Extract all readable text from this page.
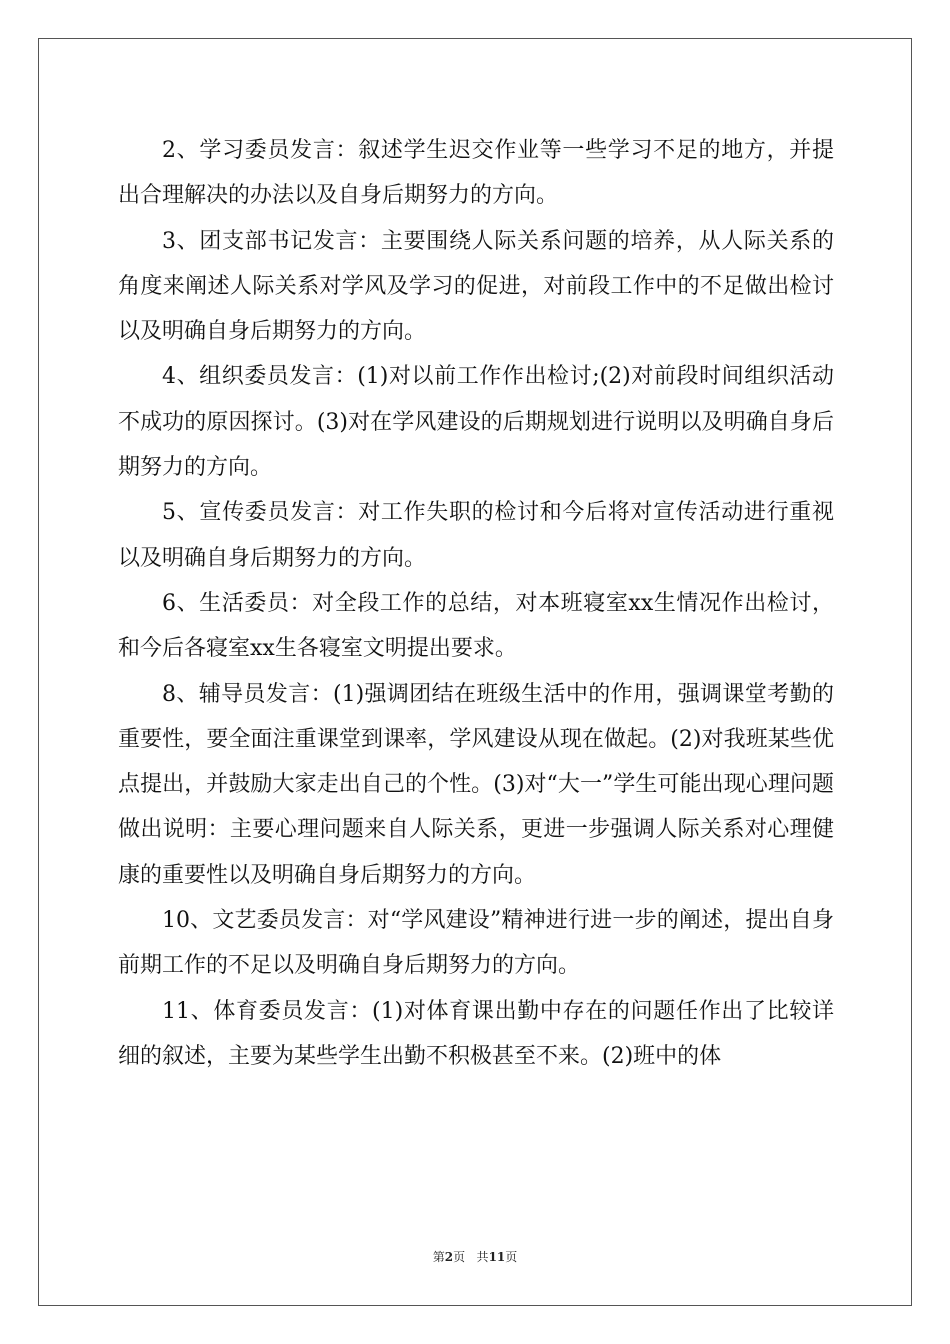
2、学习委员发言：叙述学生迟交作业等一些学习不足的地方，并提出合理解决的办法以及自身后期努力的方向。

3、团支部书记发言：主要围绕人际关系问题的培养，从人际关系的角度来阐述人际关系对学风及学习的促进，对前段工作中的不足做出检讨以及明确自身后期努力的方向。

4、组织委员发言：(1)对以前工作作出检讨;(2)对前段时间组织活动不成功的原因探讨。(3)对在学风建设的后期规划进行说明以及明确自身后期努力的方向。

5、宣传委员发言：对工作失职的检讨和今后将对宣传活动进行重视以及明确自身后期努力的方向。

6、生活委员：对全段工作的总结，对本班寝室xx生情况作出检讨，和今后各寝室xx生各寝室文明提出要求。

8、辅导员发言：(1)强调团结在班级生活中的作用，强调课堂考勤的重要性，要全面注重课堂到课率，学风建设从现在做起。(2)对我班某些优点提出，并鼓励大家走出自己的个性。(3)对“大一”学生可能出现心理问题做出说明：主要心理问题来自人际关系，更进一步强调人际关系对心理健康的重要性以及明确自身后期努力的方向。

10、文艺委员发言：对“学风建设”精神进行进一步的阐述，提出自身前期工作的不足以及明确自身后期努力的方向。

11、体育委员发言：(1)对体育课出勤中存在的问题任作出了比较详细的叙述，主要为某些学生出勤不积极甚至不来。(2)班中的体

第2页 共11页
